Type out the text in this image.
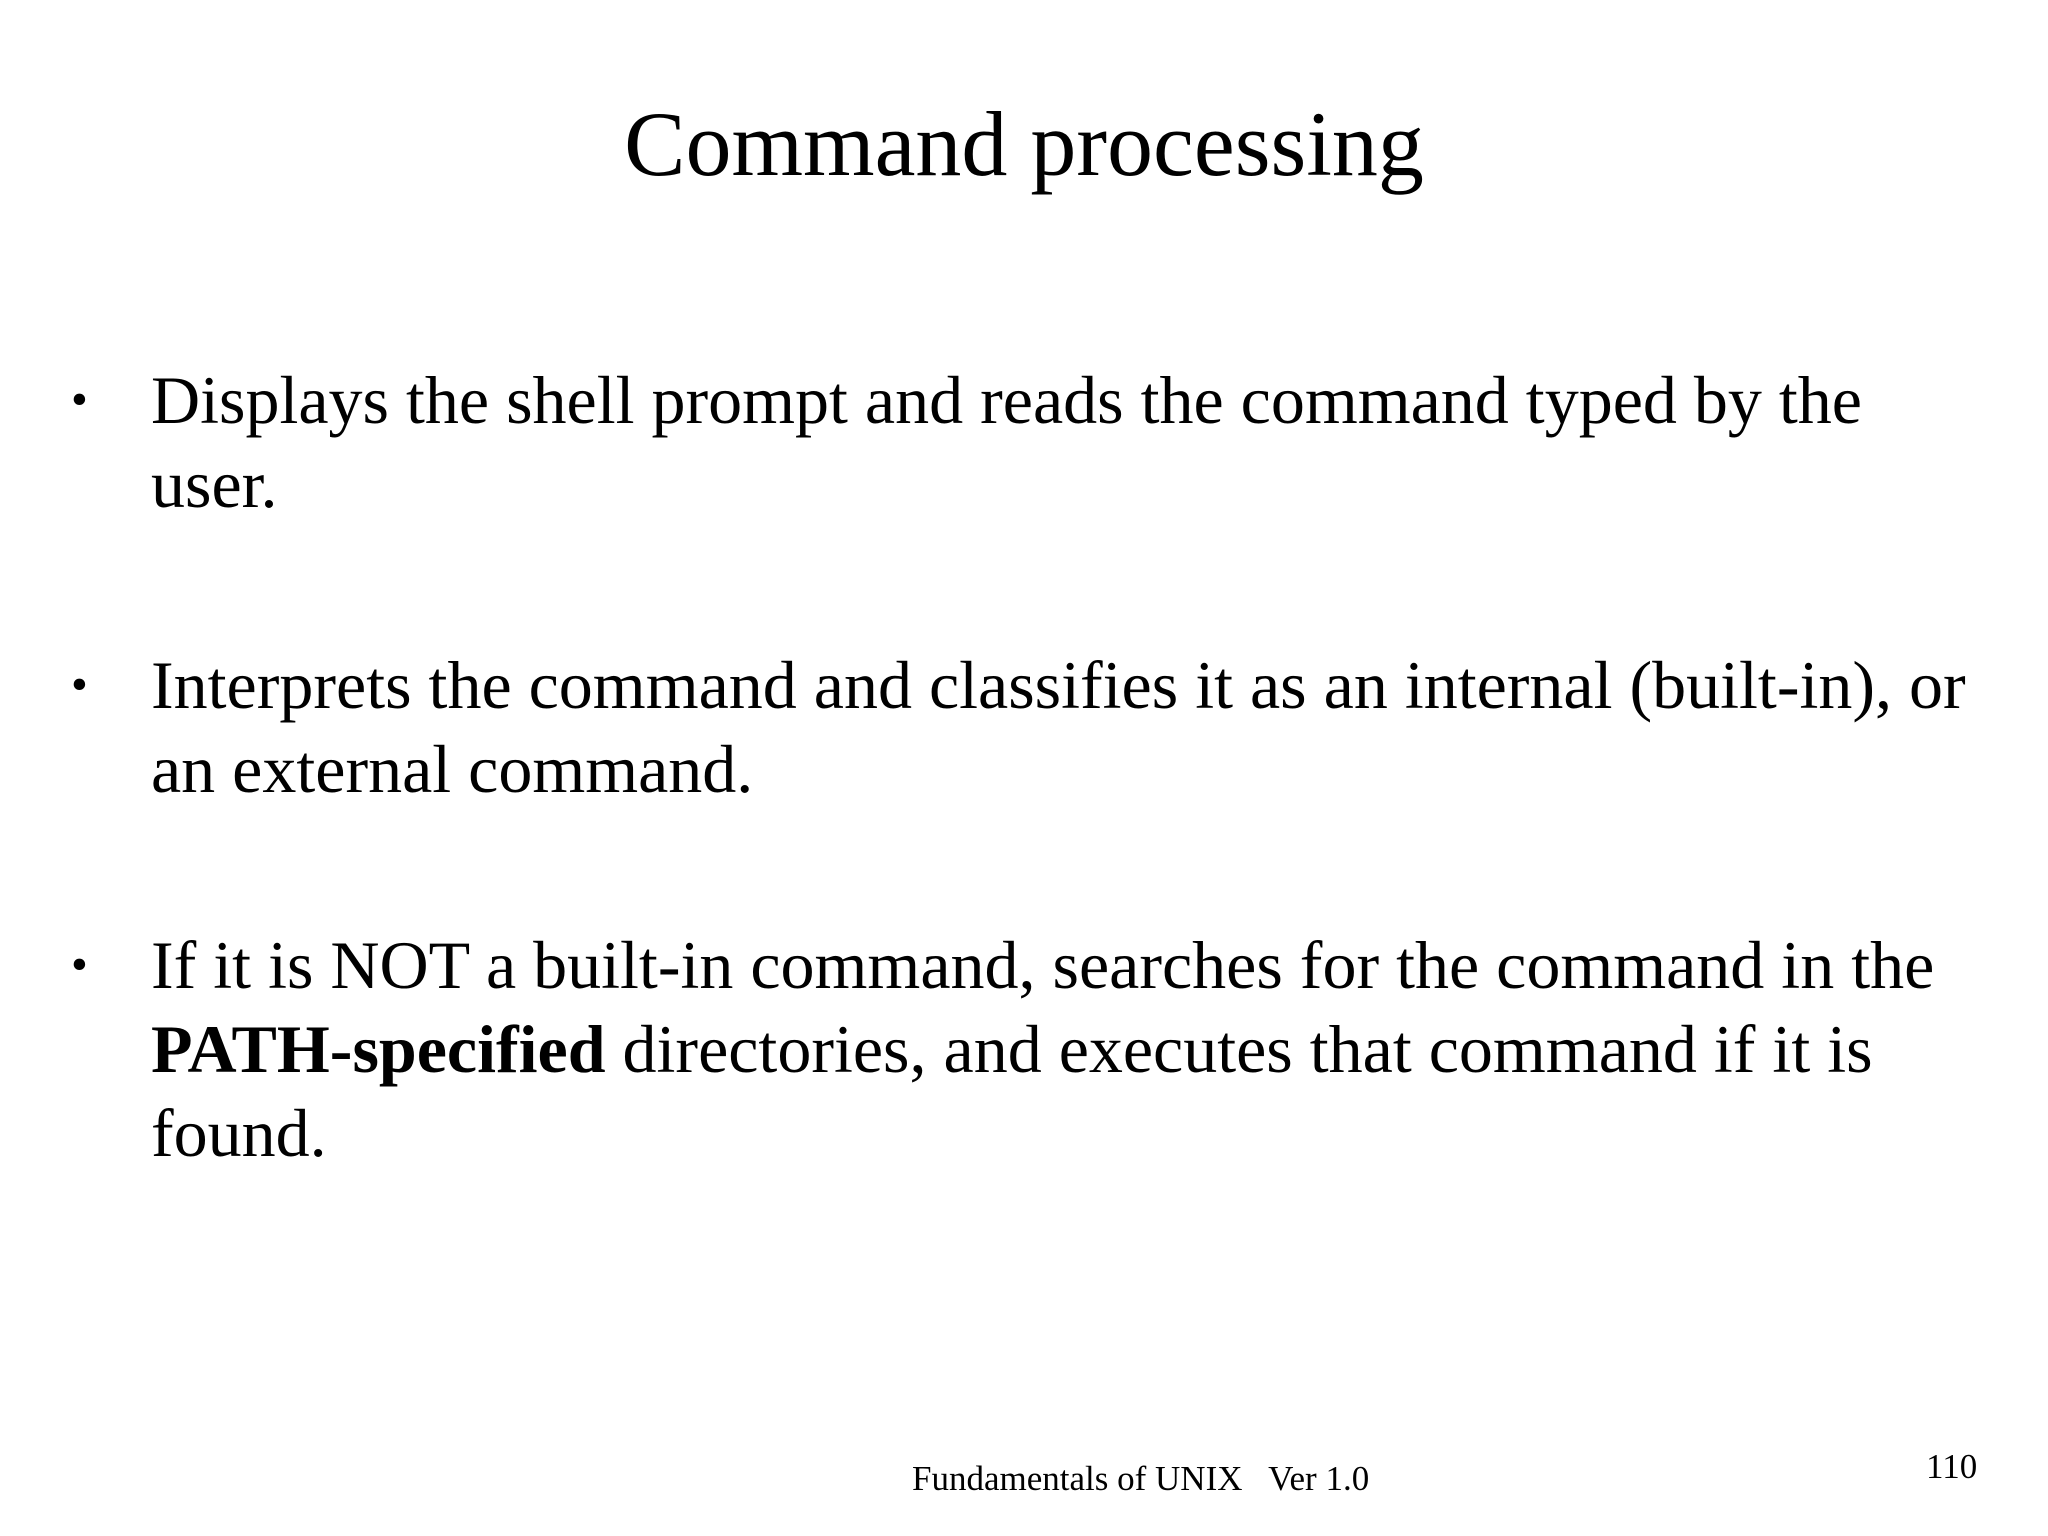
Command processing
• Displays the shell prompt and reads the command typed by the user.
• Interprets the command and classifies it as an internal (built-in), or an external command.
• If it is NOT a built-in command, searches for the command in the PATH-specified directories, and executes that command if it is found.
Fundamentals of UNIX   Ver 1.0	110
